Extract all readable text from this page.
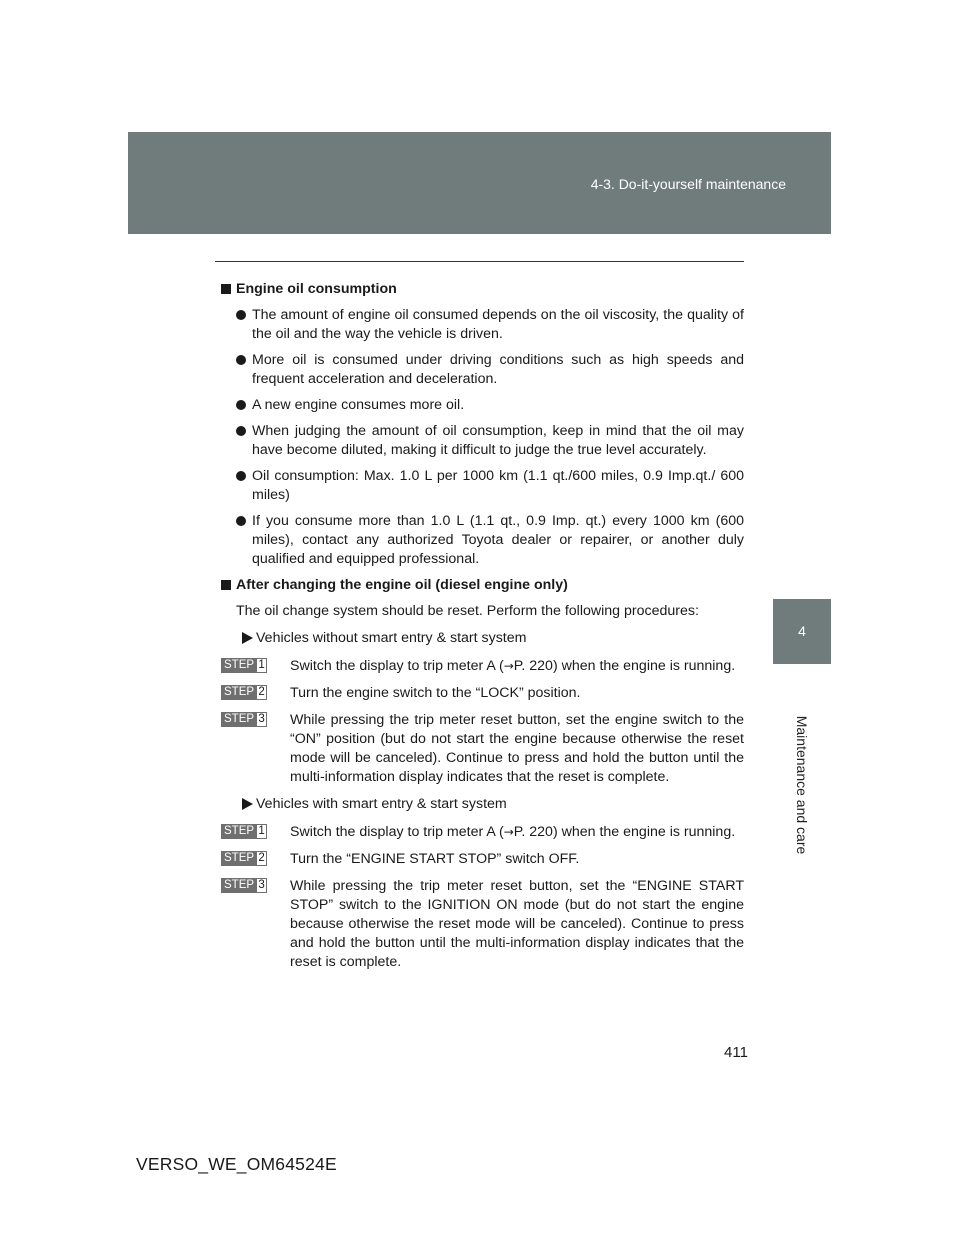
4-3. Do-it-yourself maintenance
4
Maintenance and care
Engine oil consumption
The amount of engine oil consumed depends on the oil viscosity, the quality of the oil and the way the vehicle is driven.
More oil is consumed under driving conditions such as high speeds and frequent acceleration and deceleration.
A new engine consumes more oil.
When judging the amount of oil consumption, keep in mind that the oil may have become diluted, making it difficult to judge the true level accurately.
Oil consumption: Max. 1.0 L per 1000 km (1.1 qt./600 miles, 0.9 Imp.qt./ 600 miles)
If you consume more than 1.0 L (1.1 qt., 0.9 Imp. qt.) every 1000 km (600 miles), contact any authorized Toyota dealer or repairer, or another duly qualified and equipped professional.
After changing the engine oil (diesel engine only)
The oil change system should be reset. Perform the following procedures:
Vehicles without smart entry & start system
STEP 1 Switch the display to trip meter A (→P. 220) when the engine is running.
STEP 2 Turn the engine switch to the “LOCK” position.
STEP 3 While pressing the trip meter reset button, set the engine switch to the “ON” position (but do not start the engine because otherwise the reset mode will be canceled). Continue to press and hold the button until the multi-information display indicates that the reset is complete.
Vehicles with smart entry & start system
STEP 1 Switch the display to trip meter A (→P. 220) when the engine is running.
STEP 2 Turn the “ENGINE START STOP” switch OFF.
STEP 3 While pressing the trip meter reset button, set the “ENGINE START STOP” switch to the IGNITION ON mode (but do not start the engine because otherwise the reset mode will be canceled). Continue to press and hold the button until the multi-information display indicates that the reset is complete.
411
VERSO_WE_OM64524E
